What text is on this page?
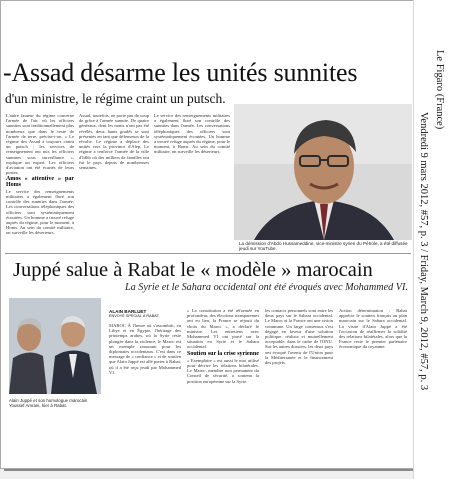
-Assad désarme les unités sunnites
d'un ministre, le régime craint un putsch.
L'autre fauteur du régime concerne l'armée de l'air, où les officiers sunnites sont traditionnellement plus nombreux que dans le reste de l'armée de terre, précise-t-on. « Le régime des Assad a toujours craint un putsch ; les services de renseignement ont mis les officiers sunnites sous surveillance », explique un expert. Les officiers d'aviation ont été écartés de leurs postes.
Amos « attentive » par Homs
Le service des renseignements militaires a également fluré son contrôle des sunnites dans l'armée. Les conversations téléphoniques des officiers sont systématiquement écoutées. Un homme a trouvé refuge auprès du régime, pour le moment, à Homs. Au sein du comité militaire, on surveille les déserteurs.
Assad, toutefois, ne porte pas de coup de grâce à l'armée sunnite. De quatre généraux, dont les noms n'ont pas été révélés, deux hauts gradés se sont présentés en tant que défenseurs de la révolte. Le régime a déplacé des unités vers la province d'Alep. Le régime a renforcé l'armée de la ville d'Idlib où des milliers de familles ont fui le pays depuis de nombreuses semaines.
Le service des renseignements militaires a également fluré son contrôle des sunnites dans l'armée. Les conversations téléphoniques des officiers sont systématiquement écoutées. Un homme a trouvé refuge auprès du régime, pour le moment, à Homs. Au sein du comité militaire, on surveille les déserteurs.
La démission d'Abdo Hussameddine, vice-ministre syrien du Pétrole, a été diffusée jeudi sur YouTube.
Juppé salue à Rabat le « modèle » marocain
La Syrie et le Sahara occidental ont été évoqués avec Mohammed VI.
Alain Juppé et son homologue marocain Youssef Amrani, hier à Rabat.
ALAIN BARLUET
ENVOYÉ SPÉCIAL À RABAT
MAROC À l'heure où s'assombrit, en Libye et en Égypte, l'héritage des printemps arabes, où la Syrie reste plongée dans la violence, le Maroc est un exemple rassurant pour les diplomates occidentaux. C'est dans ce message de « confiance » et de soutien que Alain Juppé est allé porter à Rabat, où il a été reçu jeudi par Mohammed VI.
« La constitution a été réformée en profondeur, des élections transparentes ont eu lieu, la France se réjouit du choix du Maroc », a déclaré le ministre. Les entretiens avec Mohammed VI ont porté sur la situation en Syrie et le Sahara occidental.
Soutien sur la crise syrienne
« Exemplaire » est aussi le mot utilisé pour décrire les relations bilatérales. Le Maroc, membre non permanent du Conseil de sécurité, a soutenu la position européenne sur la Syrie.
les contacts personnels sont entre les deux pays sur le Sahara occidental. Le Maroc et la France ont une vision commune. Un large consensus s'est dégagé en faveur d'une solution politique, réaliste et mutuellement acceptable, dans le cadre de l'ONU. Sur les autres dossiers, les deux pays ont évoqué l'avenir de l'Union pour la Méditerranée et le financement des projets.
Action détermination : Rabat apprécie le soutien français au plan marocain sur le Sahara occidental. La visite d'Alain Juppé a été l'occasion de réaffirmer la solidité des relations bilatérales, alors que la France reste le premier partenaire économique du royaume.
Le Figaro (France)
Vendredi 9 mars 2012, #57, p. 3 / Friday, March 9, 2012, #57, p. 3
